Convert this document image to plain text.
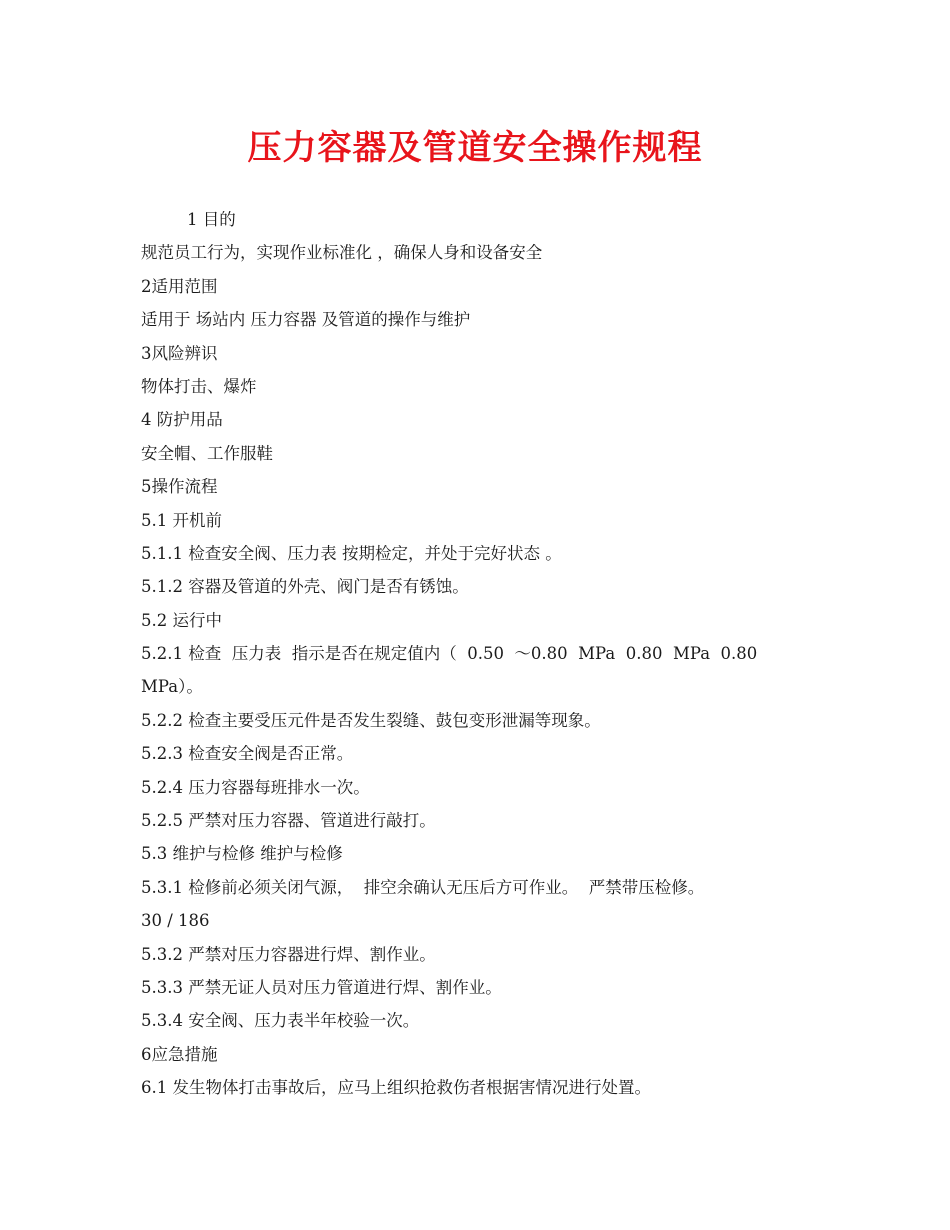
压力容器及管道安全操作规程

1 目的

规范员工行为，实现作业标准化 ，确保人身和设备安全

2适用范围

适用于 场站内 压力容器 及管道的操作与维护

3风险辨识

物体打击、爆炸

4 防护用品

安全帽、工作服鞋

5操作流程

5.1 开机前

5.1.1 检查安全阀、压力表 按期检定，并处于完好状态 。

5.1.2 容器及管道的外壳、阀门是否有锈蚀。

5.2 运行中

5.2.1 检查  压力表  指示是否在规定值内（  0.50  ～0.80  MPa  0.80  MPa  0.80

MPa）。

5.2.2 检查主要受压元件是否发生裂缝、鼓包变形泄漏等现象。

5.2.3 检查安全阀是否正常。

5.2.4 压力容器每班排水一次。

5.2.5 严禁对压力容器、管道进行敲打。

5.3 维护与检修 维护与检修

5.3.1 检修前必须关闭气源，  排空余确认无压后方可作业。  严禁带压检修。

30 / 186

5.3.2 严禁对压力容器进行焊、割作业。

5.3.3 严禁无证人员对压力管道进行焊、割作业。

5.3.4 安全阀、压力表半年校验一次。

6应急措施

6.1 发生物体打击事故后，应马上组织抢救伤者根据害情况进行处置。
